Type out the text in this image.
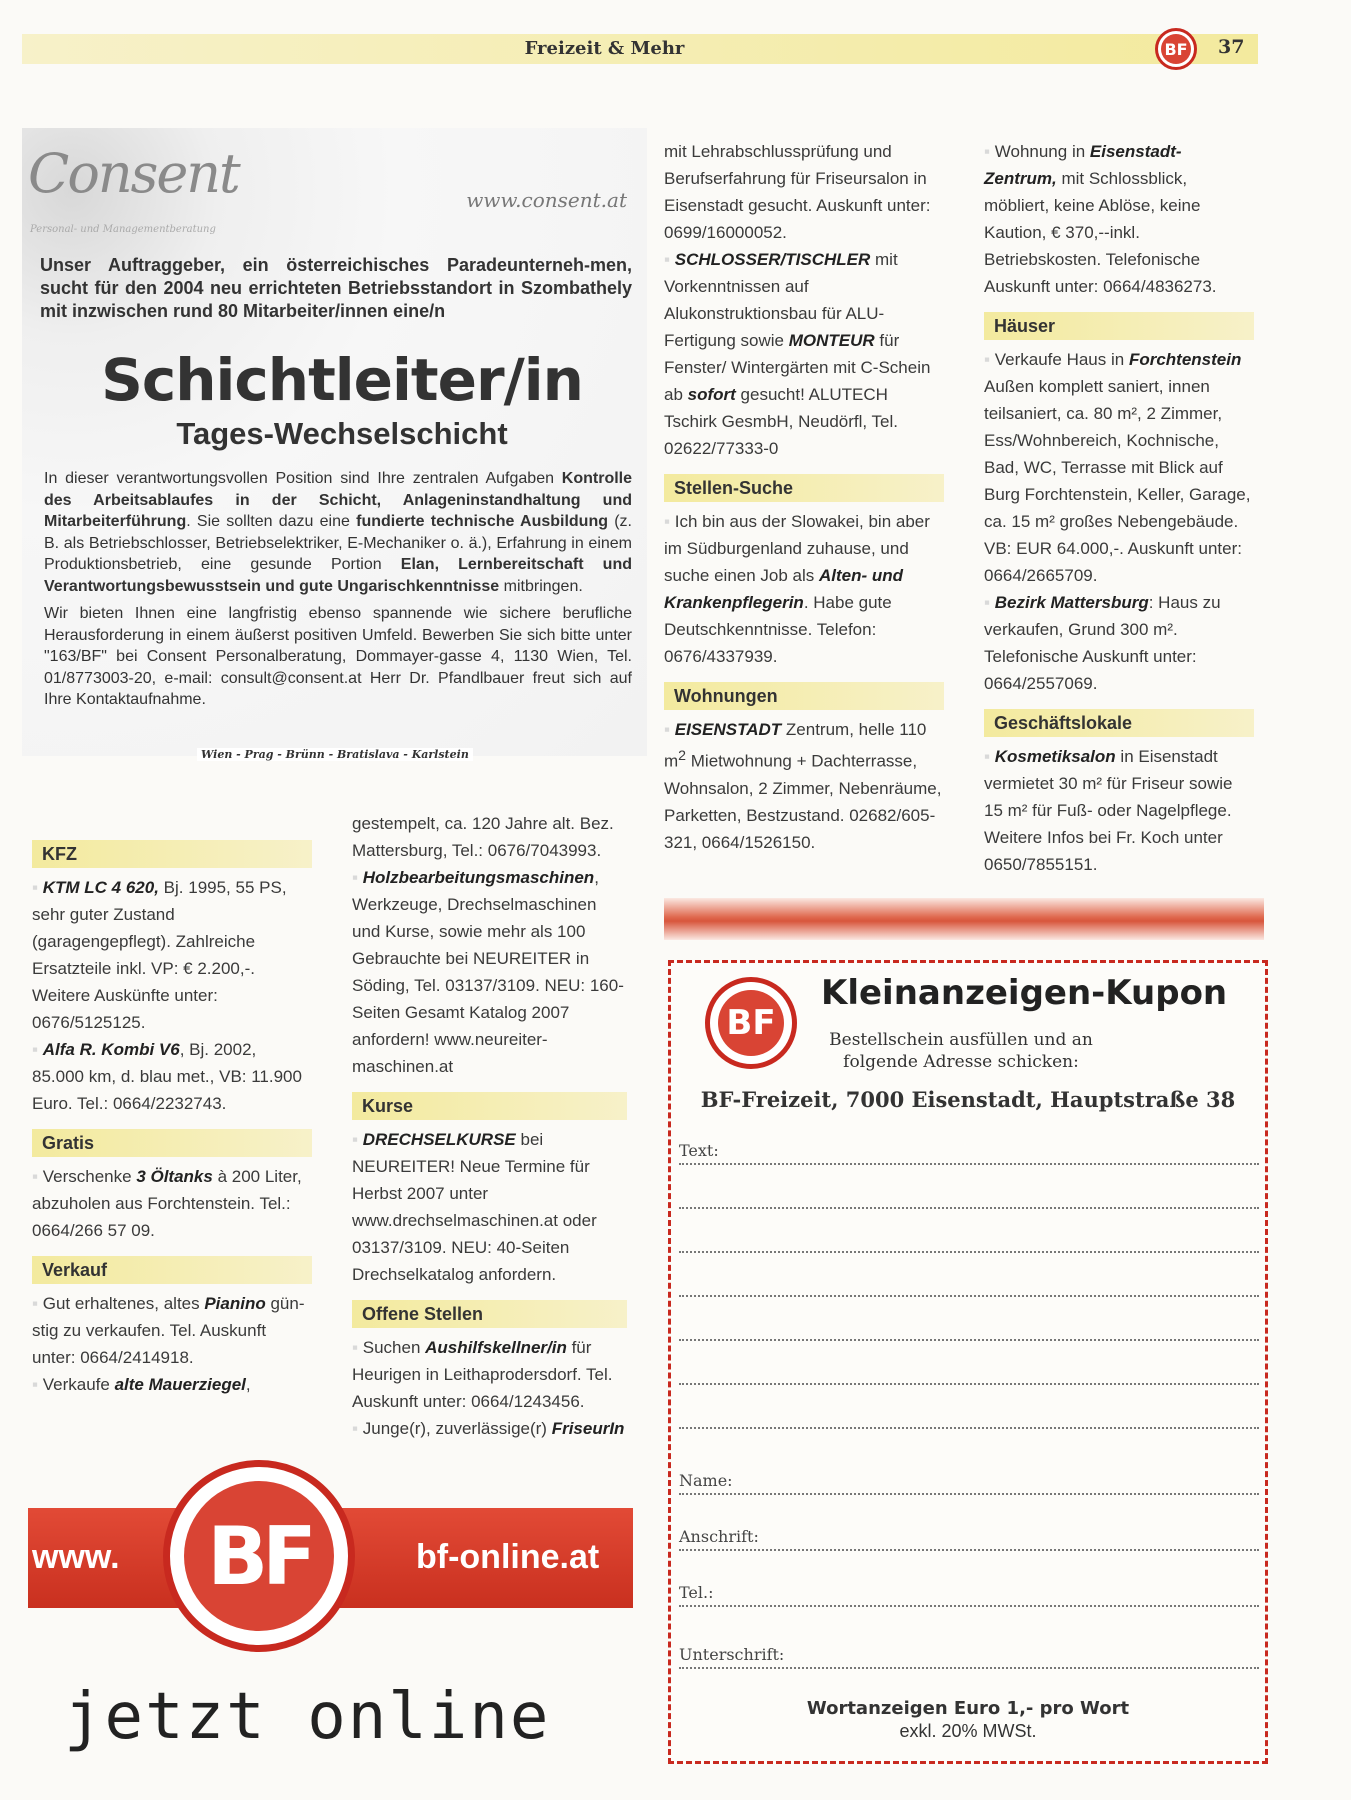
Freizeit & Mehr	BF 37
Consent
Personal- und Managementberatung
www.consent.at
Unser Auftraggeber, ein österreichisches Paradeunterneh-men, sucht für den 2004 neu errichteten Betriebsstandort in Szombathely mit inzwischen rund 80 Mitarbeiter/innen eine/n
Schichtleiter/in
Tages-Wechselschicht

In dieser verantwortungsvollen Position sind Ihre zentralen Aufgaben Kontrolle des Arbeitsablaufes in der Schicht, Anlageninstandhaltung und Mitarbeiterführung. Sie sollten dazu eine fundierte technische Ausbildung (z. B. als Betriebschlosser, Betriebselektriker, E-Mechaniker o. ä.), Erfahrung in einem Produktionsbetrieb, eine gesunde Portion Elan, Lernbereitschaft und Verantwortungsbewusstsein und gute Ungarischkenntnisse mitbringen.

Wir bieten Ihnen eine langfristig ebenso spannende wie sichere berufliche Herausforderung in einem äußerst positiven Umfeld. Bewerben Sie sich bitte unter "163/BF" bei Consent Personalberatung, Dommayer-gasse 4, 1130 Wien, Tel. 01/8773003-20, e-mail: consult@consent.at Herr Dr. Pfandlbauer freut sich auf Ihre Kontaktaufnahme.

Wien - Prag - Brünn - Bratislava - Karlstein
KFZ

▪ KTM LC 4 620, Bj. 1995, 55 PS, sehr guter Zustand (garagengepflegt). Zahlreiche Ersatzteile inkl. VP: € 2.200,-. Weitere Auskünfte unter: 0676/5125125.

▪ Alfa R. Kombi V6, Bj. 2002, 85.000 km, d. blau met., VB: 11.900 Euro. Tel.: 0664/2232743.

Gratis

▪ Verschenke 3 Öltanks à 200 Liter, abzuholen aus Forchtenstein. Tel.: 0664/266 57 09.

Verkauf

▪ Gut erhaltenes, altes Pianino gün-stig zu verkaufen. Tel. Auskunft unter: 0664/2414918.

▪ Verkaufe alte Mauerziegel,

gestempelt, ca. 120 Jahre alt. Bez. Mattersburg, Tel.: 0676/7043993.

▪ Holzbearbeitungsmaschinen, Werkzeuge, Drechselmaschinen und Kurse, sowie mehr als 100 Gebrauchte bei NEUREITER in Söding, Tel. 03137/3109. NEU: 160-Seiten Gesamt Katalog 2007 anfordern! www.neureiter-maschinen.at

Kurse

▪ DRECHSELKURSE bei NEUREITER! Neue Termine für Herbst 2007 unter www.drechselmaschinen.at oder 03137/3109. NEU: 40-Seiten Drechselkatalog anfordern.

Offene Stellen

▪ Suchen Aushilfskellner/in für Heurigen in Leithaprodersdorf. Tel. Auskunft unter: 0664/1243456.

▪ Junge(r), zuverlässige(r) FriseurIn

mit Lehrabschlussprüfung und Berufserfahrung für Friseursalon in Eisenstadt gesucht. Auskunft unter: 0699/16000052.

▪ SCHLOSSER/TISCHLER mit Vorkenntnissen auf Alukonstruktionsbau für ALU-Fertigung sowie MONTEUR für Fenster/ Wintergärten mit C-Schein ab sofort gesucht! ALUTECH Tschirk GesmbH, Neudörfl, Tel. 02622/77333-0

Stellen-Suche

▪ Ich bin aus der Slowakei, bin aber im Südburgenland zuhause, und suche einen Job als Alten- und Krankenpflegerin. Habe gute Deutschkenntnisse. Telefon: 0676/4337939.

Wohnungen

▪ EISENSTADT Zentrum, helle 110 $m^2$ Mietwohnung + Dachterrasse, Wohnsalon, 2 Zimmer, Nebenräume, Parketten, Bestzustand. 02682/605-321, 0664/1526150.

▪ Wohnung in Eisenstadt-Zentrum, mit Schlossblick, möbliert, keine Ablöse, keine Kaution, € 370,--inkl. Betriebskosten. Telefonische Auskunft unter: 0664/4836273.

Häuser

▪ Verkaufe Haus in Forchtenstein Außen komplett saniert, innen teilsaniert, ca. 80 m², 2 Zimmer, Ess/Wohnbereich, Kochnische, Bad, WC, Terrasse mit Blick auf Burg Forchtenstein, Keller, Garage, ca. 15 m² großes Nebengebäude. VB: EUR 64.000,-. Auskunft unter: 0664/2665709.

▪ Bezirk Mattersburg: Haus zu verkaufen, Grund 300 m². Telefonische Auskunft unter: 0664/2557069.

Geschäftslokale

▪ Kosmetiksalon in Eisenstadt vermietet 30 m² für Friseur sowie 15 m² für Fuß- oder Nagelpflege. Weitere Infos bei Fr. Koch unter 0650/7855151.

BF
Kleinanzeigen-Kupon
Bestellschein ausfüllen und an folgende Adresse schicken:
BF-Freizeit, 7000 Eisenstadt, Hauptstraße 38
Text:
Name:
Anschrift:
Tel.:
Unterschrift:
Wortanzeigen Euro 1,- pro Wort
exkl. 20% MWSt.
www.	bf-online.at
BF
jetzt online
